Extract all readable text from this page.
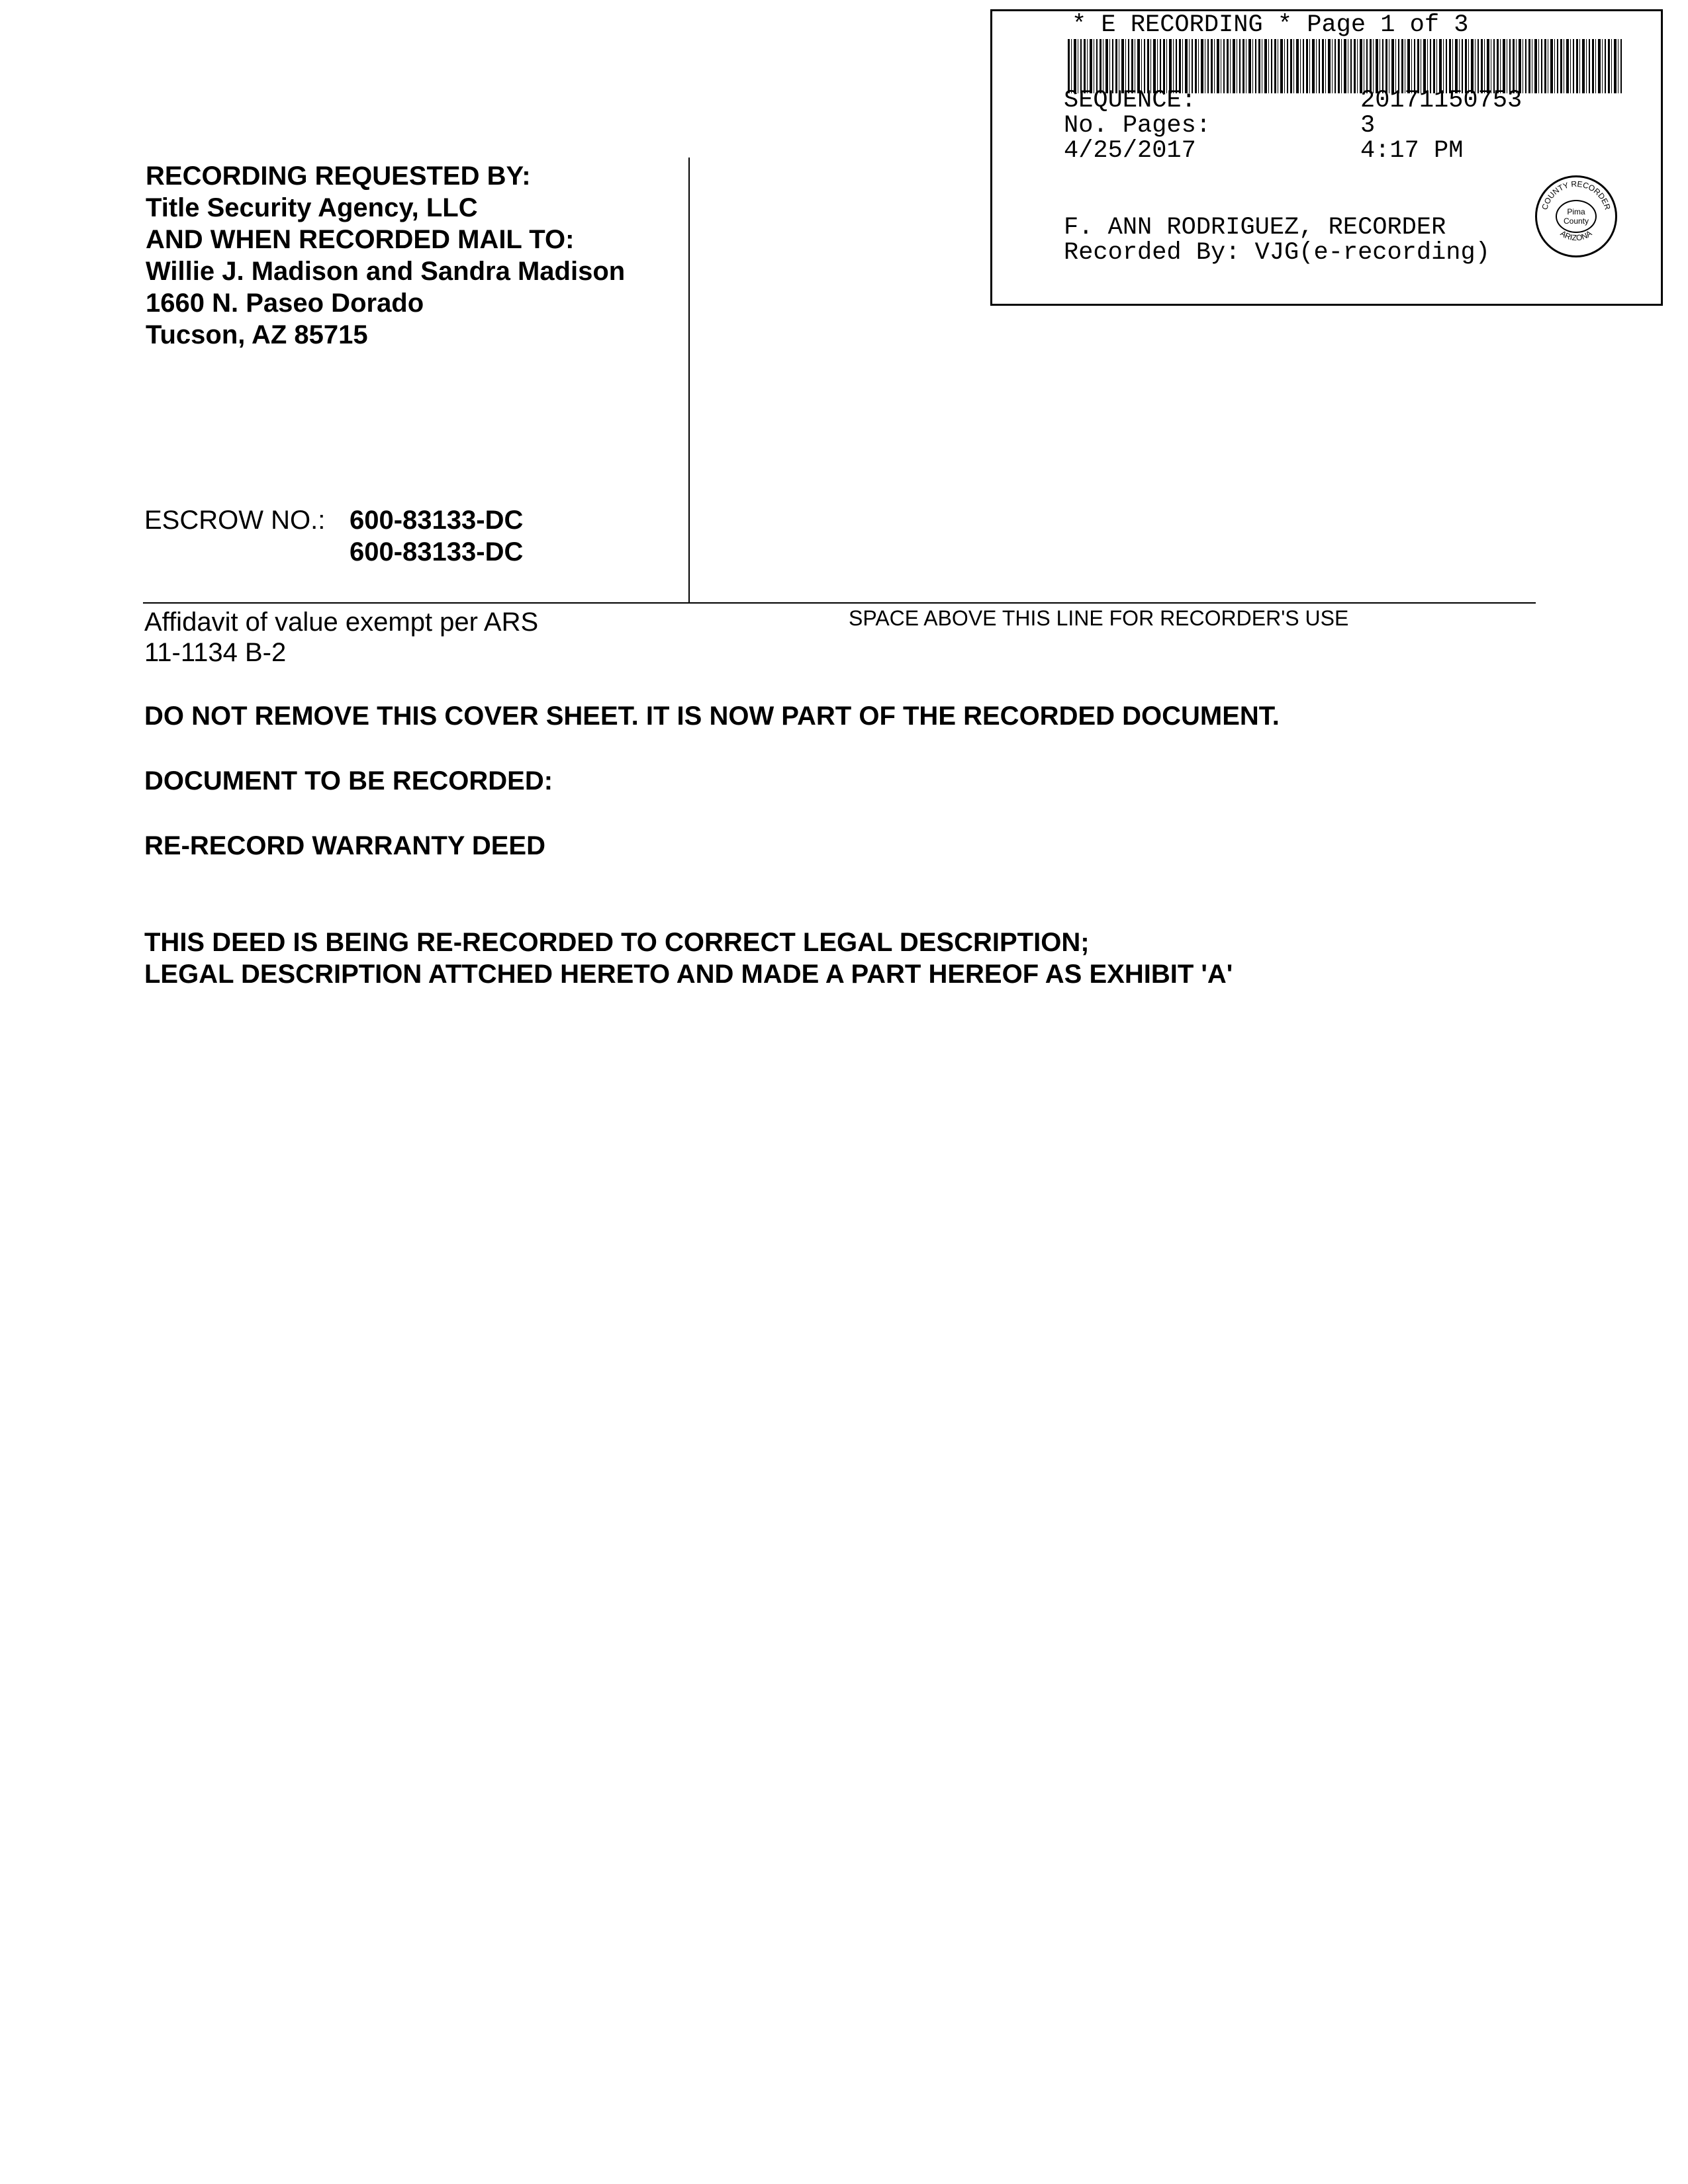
* E RECORDING * Page 1 of 3
SEQUENCE:	20171150753
No. Pages:	3
4/25/2017	4:17 PM
F. ANN RODRIGUEZ, RECORDER
Recorded By: VJG(e-recording)
COUNTY RECORDER
ARIZONA
Pima
County
RECORDING REQUESTED BY:
Title Security Agency, LLC
AND WHEN RECORDED MAIL TO:
Willie J. Madison and Sandra Madison
1660 N. Paseo Dorado
Tucson, AZ 85715
ESCROW NO.: 600-83133-DC
600-83133-DC
Affidavit of value exempt per ARS
11-1134 B-2
SPACE ABOVE THIS LINE FOR RECORDER'S USE
DO NOT REMOVE THIS COVER SHEET. IT IS NOW PART OF THE RECORDED DOCUMENT.
DOCUMENT TO BE RECORDED:
RE-RECORD WARRANTY DEED
THIS DEED IS BEING RE-RECORDED TO CORRECT LEGAL DESCRIPTION;
LEGAL DESCRIPTION ATTCHED HERETO AND MADE A PART HEREOF AS EXHIBIT 'A'
